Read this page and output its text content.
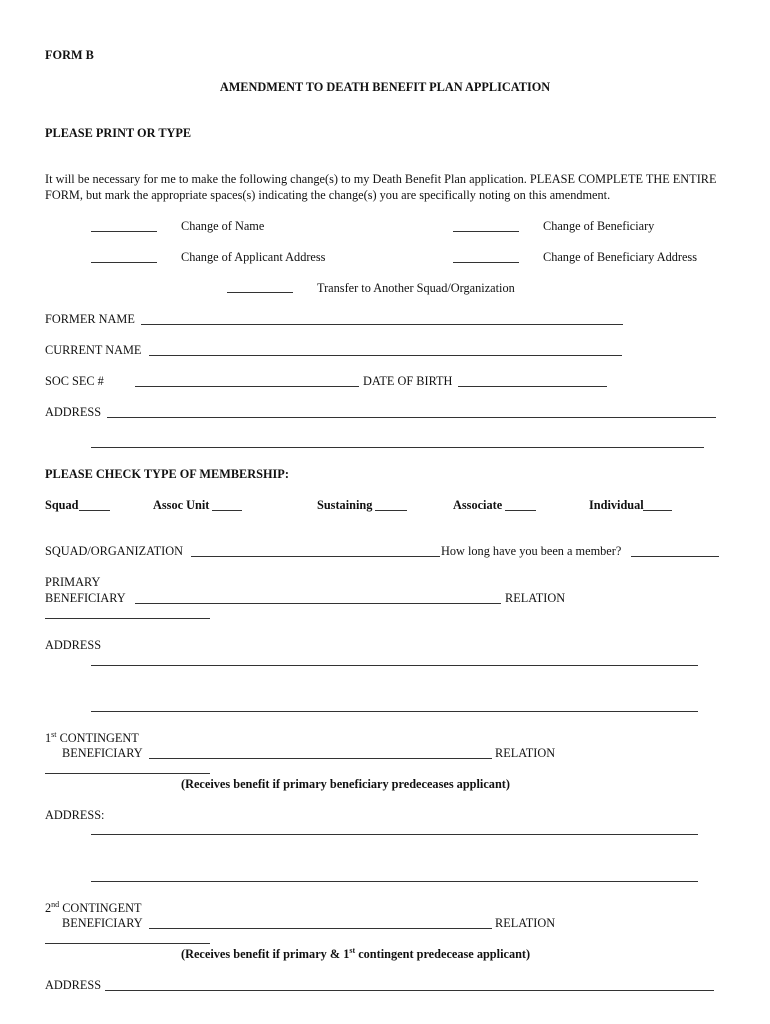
FORM B
AMENDMENT TO DEATH BENEFIT PLAN APPLICATION
PLEASE PRINT OR TYPE
It will be necessary for me to make the following change(s) to my Death Benefit Plan application. PLEASE COMPLETE THE ENTIRE
FORM, but mark the appropriate spaces(s) indicating the change(s) you are specifically noting on this amendment.
Change of Name	Change of Beneficiary
Change of Applicant Address	Change of Beneficiary Address
Transfer to Another Squad/Organization
FORMER NAME
CURRENT NAME
SOC SEC #	DATE OF BIRTH
ADDRESS
PLEASE CHECK TYPE OF MEMBERSHIP:
Squad	Assoc Unit	Sustaining	Associate	Individual
SQUAD/ORGANIZATION	How long have you been a member?
PRIMARY
BENEFICIARY	RELATION
ADDRESS
1st CONTINGENT
BENEFICIARY	RELATION
(Receives benefit if primary beneficiary predeceases applicant)
ADDRESS:
2nd CONTINGENT
BENEFICIARY	RELATION
(Receives benefit if primary & 1st contingent predecease applicant)
ADDRESS
